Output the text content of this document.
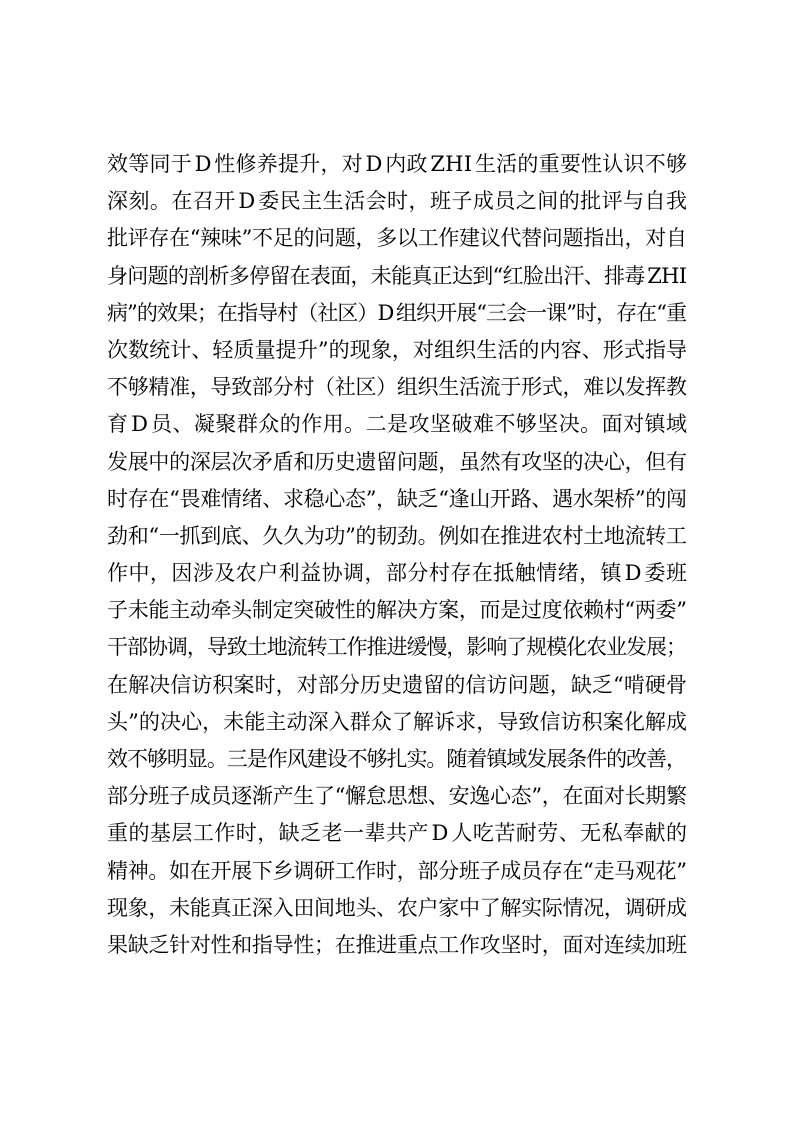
效等同于D性修养提升，对D内政ZHI生活的重要性认识不够
深刻。在召开D委民主生活会时，班子成员之间的批评与自我
批评存在“辣味”不足的问题，多以工作建议代替问题指出，对自
身问题的剖析多停留在表面，未能真正达到“红脸出汗、排毒ZHI
病”的效果；在指导村（社区）D组织开展“三会一课”时，存在“重
次数统计、轻质量提升”的现象，对组织生活的内容、形式指导
不够精准，导致部分村（社区）组织生活流于形式，难以发挥教
育D员、凝聚群众的作用。二是攻坚破难不够坚决。面对镇域
发展中的深层次矛盾和历史遗留问题，虽然有攻坚的决心，但有
时存在“畏难情绪、求稳心态”，缺乏“逢山开路、遇水架桥”的闯
劲和“一抓到底、久久为功”的韧劲。例如在推进农村土地流转工
作中，因涉及农户利益协调，部分村存在抵触情绪，镇D委班
子未能主动牵头制定突破性的解决方案，而是过度依赖村“两委”
干部协调，导致土地流转工作推进缓慢，影响了规模化农业发展；
在解决信访积案时，对部分历史遗留的信访问题，缺乏“啃硬骨
头”的决心，未能主动深入群众了解诉求，导致信访积案化解成
效不够明显。三是作风建设不够扎实。随着镇域发展条件的改善，
部分班子成员逐渐产生了“懈怠思想、安逸心态”，在面对长期繁
重的基层工作时，缺乏老一辈共产D人吃苦耐劳、无私奉献的
精神。如在开展下乡调研工作时，部分班子成员存在“走马观花”
现象，未能真正深入田间地头、农户家中了解实际情况，调研成
果缺乏针对性和指导性；在推进重点工作攻坚时，面对连续加班
